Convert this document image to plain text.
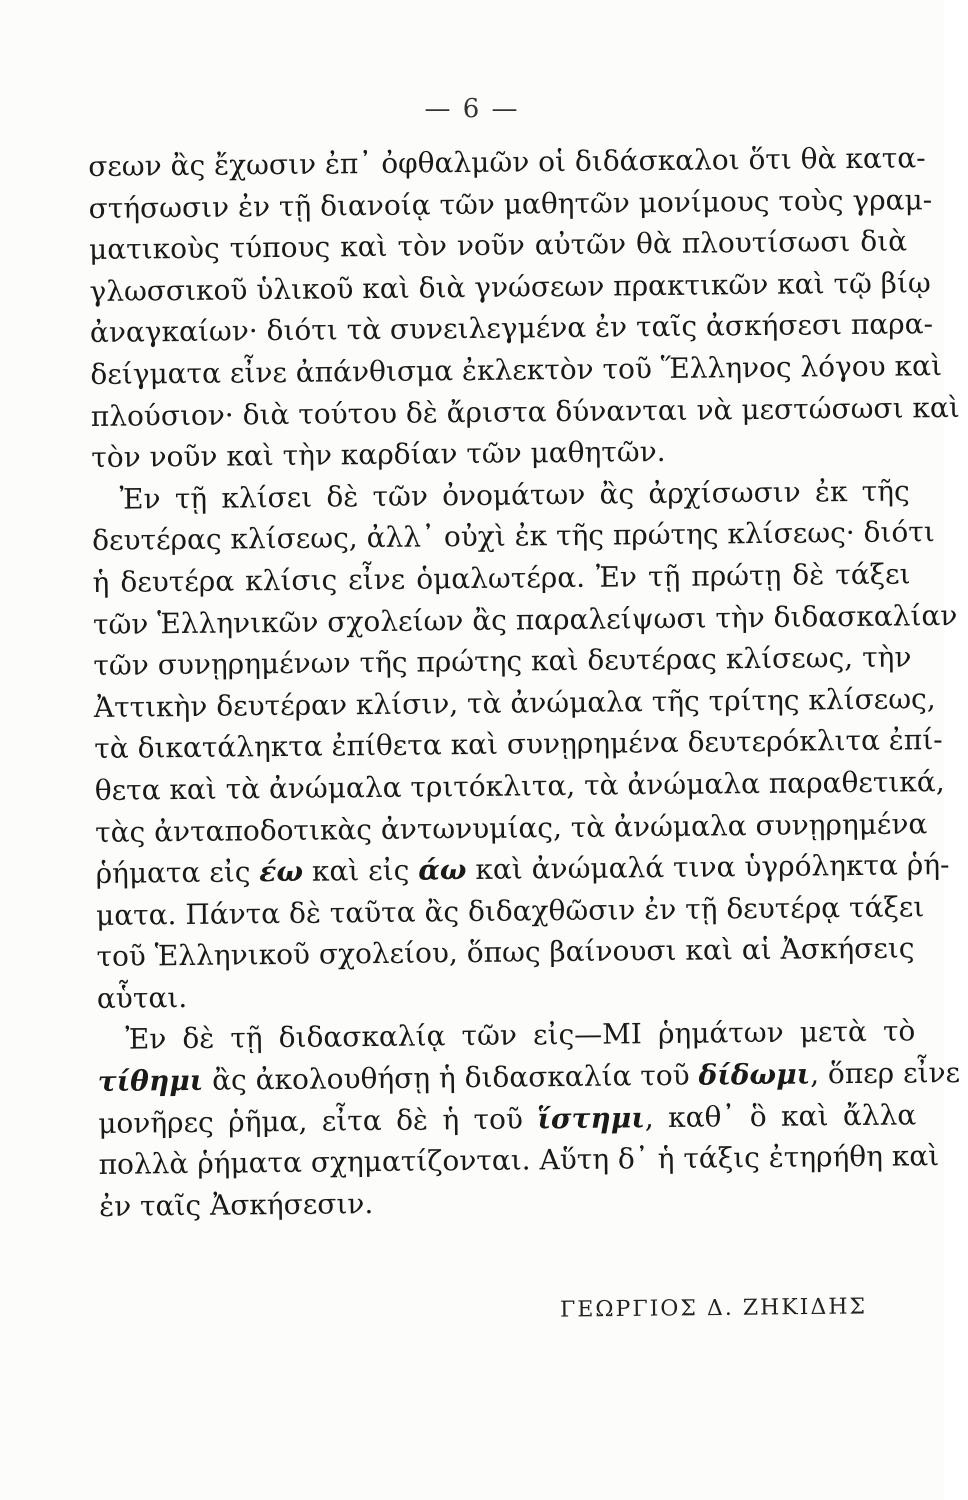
— 6 —
σεων ἂς ἔχωσιν ἐπ᾽ ὀφθαλμῶν οἱ διδάσκαλοι ὅτι θὰ κατα-
στήσωσιν ἐν τῇ διανοίᾳ τῶν μαθητῶν μονίμους τοὺς γραμ-
ματικοὺς τύπους καὶ τὸν νοῦν αὐτῶν θὰ πλουτίσωσι διὰ
γλωσσικοῦ ὑλικοῦ καὶ διὰ γνώσεων πρακτικῶν καὶ τῷ βίῳ
ἀναγκαίων· διότι τὰ συνειλεγμένα ἐν ταῖς ἀσκήσεσι παρα-
δείγματα εἶνε ἀπάνθισμα ἐκλεκτὸν τοῦ Ἕλληνος λόγου καὶ
πλούσιον· διὰ τούτου δὲ ἄριστα δύνανται νὰ μεστώσωσι καὶ
τὸν νοῦν καὶ τὴν καρδίαν τῶν μαθητῶν.
Ἐν τῇ κλίσει δὲ τῶν ὀνομάτων ἂς ἀρχίσωσιν ἐκ τῆς
δευτέρας κλίσεως, ἀλλ᾽ οὐχὶ ἐκ τῆς πρώτης κλίσεως· διότι
ἡ δευτέρα κλίσις εἶνε ὁμαλωτέρα. Ἐν τῇ πρώτῃ δὲ τάξει
τῶν Ἑλληνικῶν σχολείων ἂς παραλείψωσι τὴν διδασκαλίαν
τῶν συνῃρημένων τῆς πρώτης καὶ δευτέρας κλίσεως, τὴν
Ἀττικὴν δευτέραν κλίσιν, τὰ ἀνώμαλα τῆς τρίτης κλίσεως,
τὰ δικατάληκτα ἐπίθετα καὶ συνῃρημένα δευτερόκλιτα ἐπί-
θετα καὶ τὰ ἀνώμαλα τριτόκλιτα, τὰ ἀνώμαλα παραθετικά,
τὰς ἀνταποδοτικὰς ἀντωνυμίας, τὰ ἀνώμαλα συνῃρημένα
ῥήματα εἰς έω καὶ εἰς άω καὶ ἀνώμαλά τινα ὑγρόληκτα ῥή-
ματα. Πάντα δὲ ταῦτα ἂς διδαχθῶσιν ἐν τῇ δευτέρᾳ τάξει
τοῦ Ἑλληνικοῦ σχολείου, ὅπως βαίνουσι καὶ αἱ Ἀσκήσεις
αὗται.
Ἐν δὲ τῇ διδασκαλίᾳ τῶν εἰς—ΜΙ ῥημάτων μετὰ τὸ
τίθημι ἂς ἀκολουθήσῃ ἡ διδασκαλία τοῦ δίδωμι, ὅπερ εἶνε
μονῆρες ῥῆμα, εἶτα δὲ ἡ τοῦ ἵστημι, καθ᾽ ὃ καὶ ἄλλα
πολλὰ ῥήματα σχηματίζονται. Αὕτη δ᾽ ἡ τάξις ἐτηρήθη καὶ
ἐν ταῖς Ἀσκήσεσιν.
ΓΕΩΡΓΙΟΣ Δ. ΖΗΚΙΔΗΣ
